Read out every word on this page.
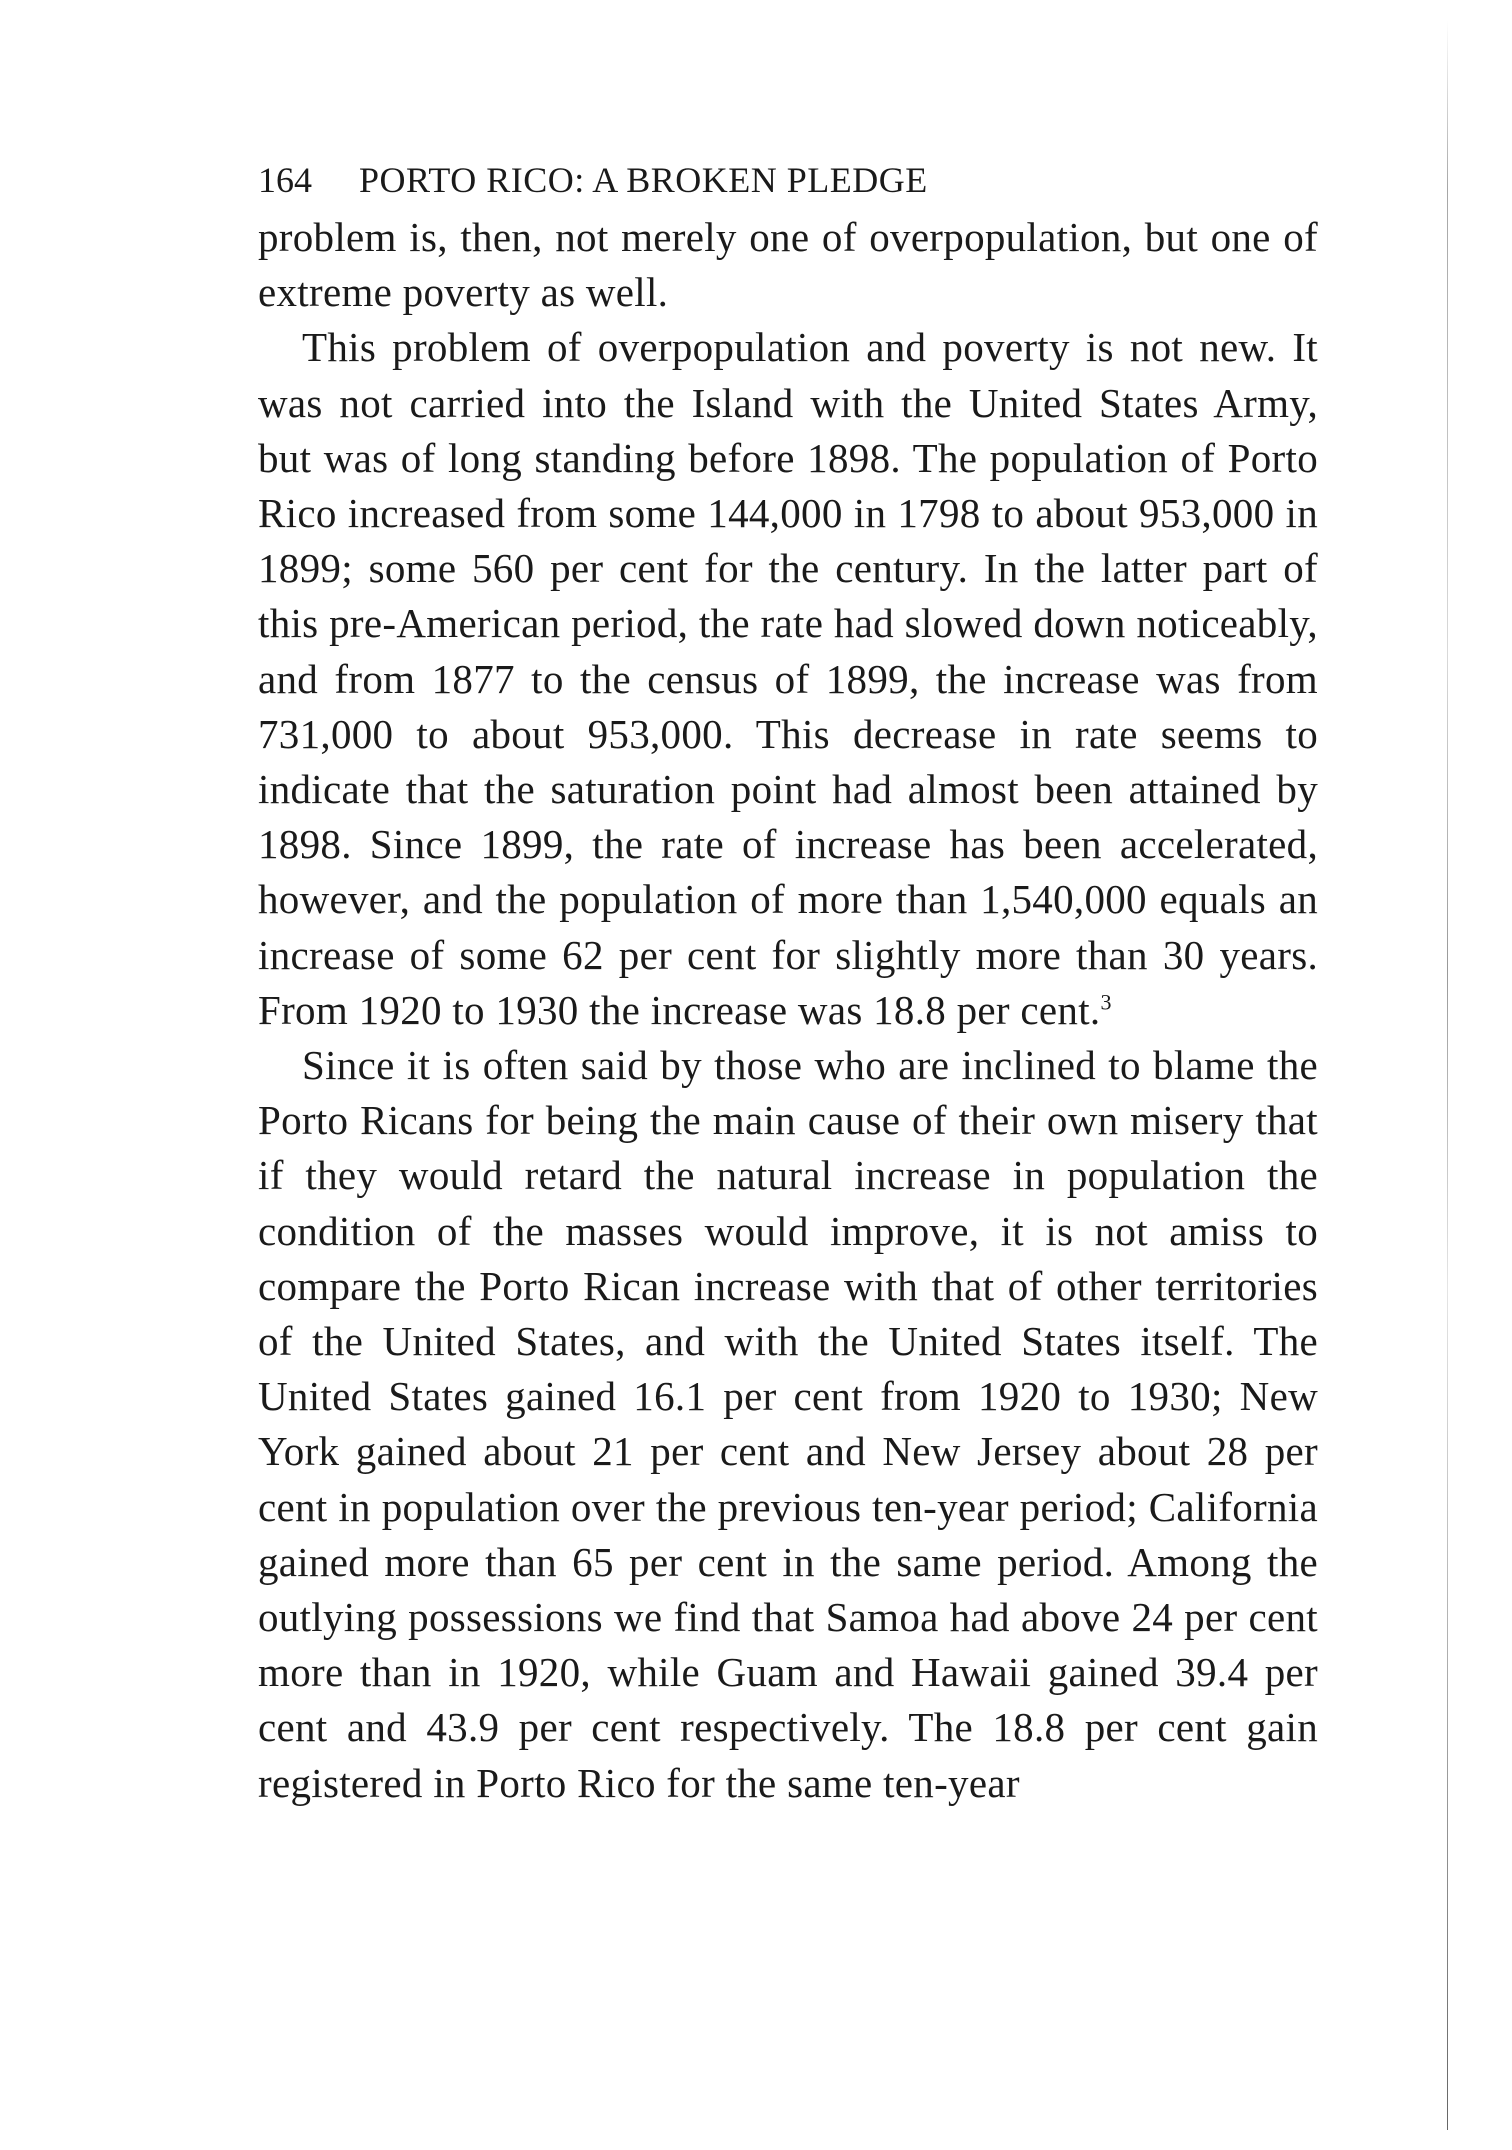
164 PORTO RICO: A BROKEN PLEDGE

problem is, then, not merely one of overpopulation, but one of extreme poverty as well.

This problem of overpopulation and poverty is not new. It was not carried into the Island with the United States Army, but was of long standing before 1898. The population of Porto Rico increased from some 144,000 in 1798 to about 953,000 in 1899; some 560 per cent for the century. In the latter part of this pre-American period, the rate had slowed down noticeably, and from 1877 to the census of 1899, the increase was from 731,000 to about 953,000. This decrease in rate seems to indicate that the saturation point had almost been attained by 1898. Since 1899, the rate of increase has been accelerated, however, and the population of more than 1,540,000 equals an increase of some 62 per cent for slightly more than 30 years. From 1920 to 1930 the increase was 18.8 per cent.$^3$

Since it is often said by those who are inclined to blame the Porto Ricans for being the main cause of their own misery that if they would retard the natural increase in population the condition of the masses would improve, it is not amiss to compare the Porto Rican increase with that of other territories of the United States, and with the United States itself. The United States gained 16.1 per cent from 1920 to 1930; New York gained about 21 per cent and New Jersey about 28 per cent in population over the previous ten-year period; California gained more than 65 per cent in the same period. Among the outlying possessions we find that Samoa had above 24 per cent more than in 1920, while Guam and Hawaii gained 39.4 per cent and 43.9 per cent respectively. The 18.8 per cent gain registered in Porto Rico for the same ten-year
